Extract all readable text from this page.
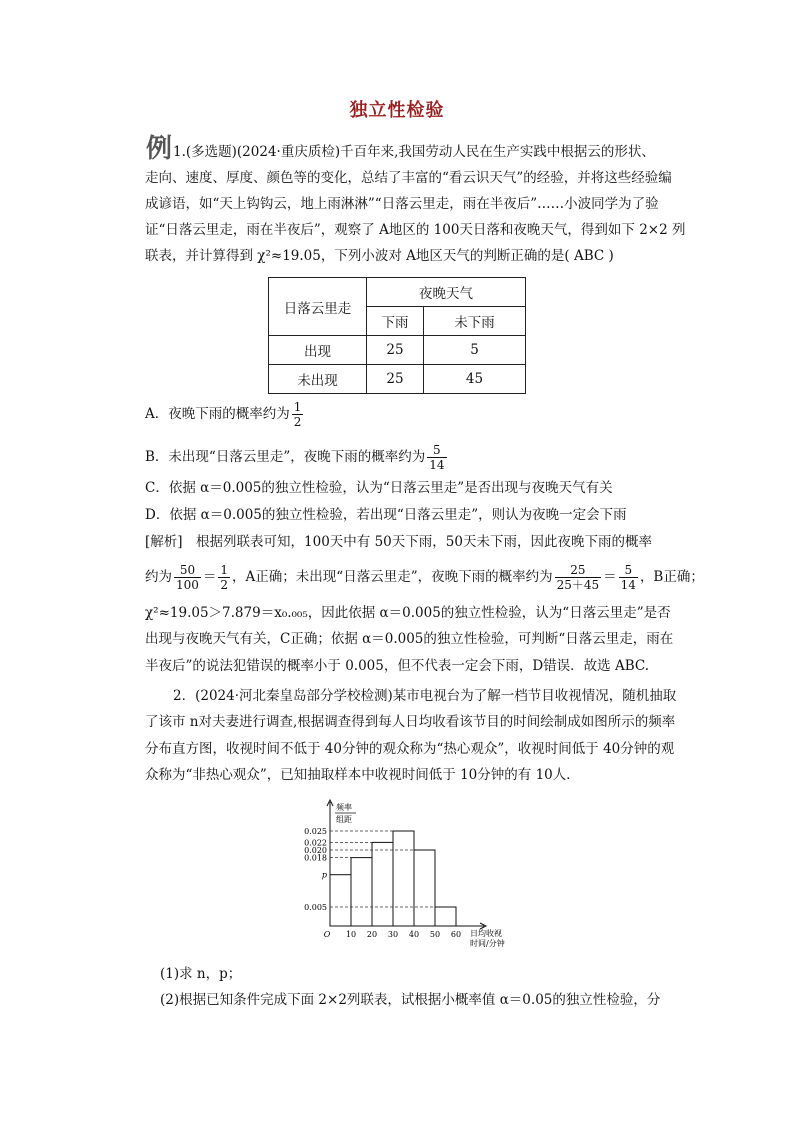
独立性检验
例 1.(多选题)(2024·重庆质检)千百年来,我国劳动人民在生产实践中根据云的形状、
走向、速度、厚度、颜色等的变化，总结了丰富的“看云识天气”的经验，并将这些经验编
成谚语，如“天上钩钩云，地上雨淋淋”“日落云里走，雨在半夜后”……小波同学为了验
证“日落云里走，雨在半夜后”，观察了 A地区的 100天日落和夜晚天气，得到如下 2×2 列
联表，并计算得到 χ²≈19.05，下列小波对 A地区天气的判断正确的是( ABC )
日落云里走	夜晚天气	
	下雨	未下雨
出现	25	5
未出现	25	45
A．夜晚下雨的概率约为 $\frac{1}{2}$
B．未出现“日落云里走”，夜晚下雨的概率约为 $\frac{5}{14}$
C．依据 α＝0.005的独立性检验，认为“日落云里走”是否出现与夜晚天气有关
D．依据 α＝0.005的独立性检验，若出现“日落云里走”，则认为夜晚一定会下雨
[解析]　根据列联表可知，100天中有 50天下雨，50天未下雨，因此夜晚下雨的概率
约为 $\frac{50}{100} = \frac{1}{2}$ ，A正确；未出现“日落云里走”，夜晚下雨的概率约为 $\frac{25}{25+45} = \frac{5}{14}$ ，B正确；
χ²≈19.05＞7.879＝x₀.₀₀₅，因此依据 α＝0.005的独立性检验，认为“日落云里走”是否
出现与夜晚天气有关，C正确；依据 α＝0.005的独立性检验，可判断“日落云里走，雨在
半夜后”的说法犯错误的概率小于 0.005，但不代表一定会下雨，D错误．故选 ABC.
2．(2024·河北秦皇岛部分学校检测)某市电视台为了解一档节目收视情况，随机抽取
了该市 n对夫妻进行调查,根据调查得到每人日均收看该节目的时间绘制成如图所示的频率
分布直方图，收视时间不低于 40分钟的观众称为“热心观众”，收视时间低于 40分钟的观
众称为“非热心观众”，已知抽取样本中收视时间低于 10分钟的有 10人．
0.025
0.022
0.020
0.018
p
0.005
O 10 20 30 40 50 60
频率
组距
日均收视
时间/分钟
(1)求 n，p；
(2)根据已知条件完成下面 2×2列联表，试根据小概率值 α＝0.05的独立性检验，分
